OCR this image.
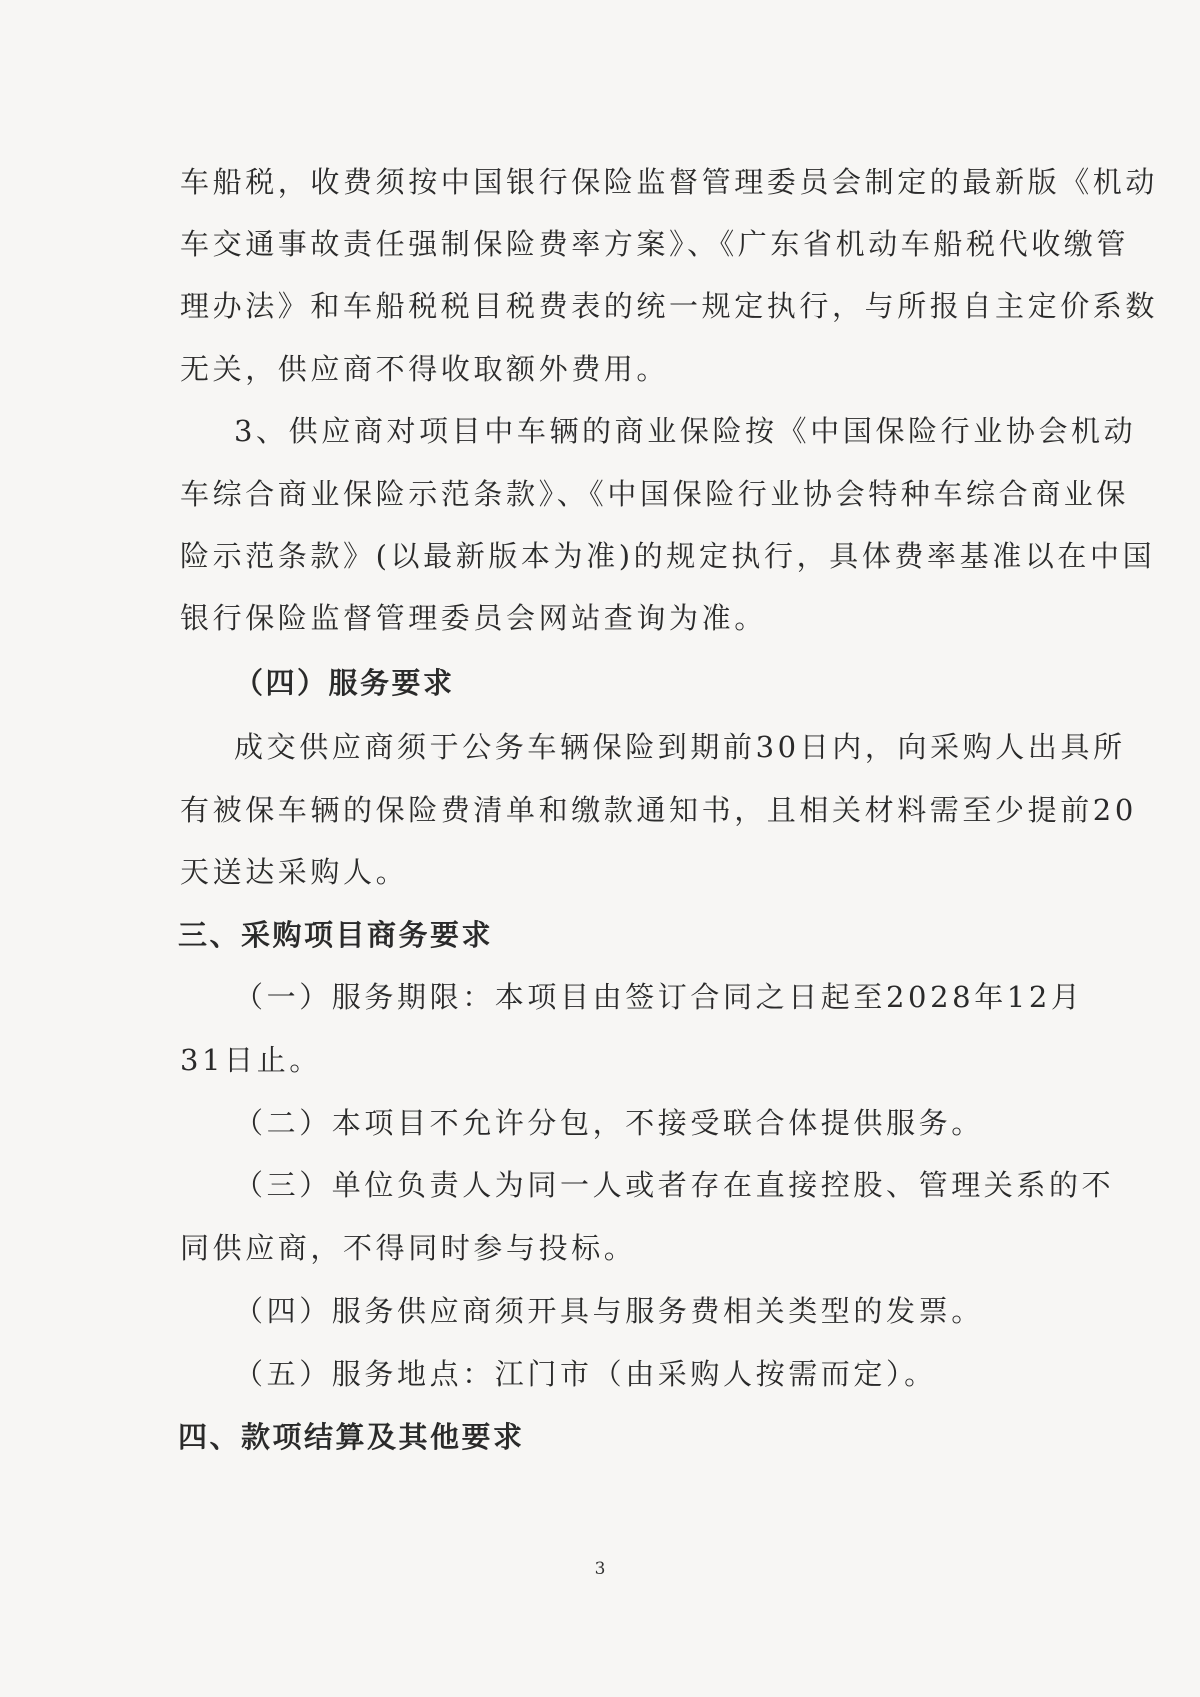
车船税，收费须按中国银行保险监督管理委员会制定的最新版《机动
车交通事故责任强制保险费率方案》、《广东省机动车船税代收缴管
理办法》和车船税税目税费表的统一规定执行，与所报自主定价系数
无关，供应商不得收取额外费用。
3、供应商对项目中车辆的商业保险按《中国保险行业协会机动
车综合商业保险示范条款》、《中国保险行业协会特种车综合商业保
险示范条款》(以最新版本为准)的规定执行，具体费率基准以在中国
银行保险监督管理委员会网站查询为准。
（四）服务要求
成交供应商须于公务车辆保险到期前30日内，向采购人出具所
有被保车辆的保险费清单和缴款通知书，且相关材料需至少提前20
天送达采购人。
三、采购项目商务要求
（一）服务期限：本项目由签订合同之日起至2028年12月
31日止。
（二）本项目不允许分包，不接受联合体提供服务。
（三）单位负责人为同一人或者存在直接控股、管理关系的不
同供应商，不得同时参与投标。
（四）服务供应商须开具与服务费相关类型的发票。
（五）服务地点：江门市（由采购人按需而定）。
四、款项结算及其他要求
3
